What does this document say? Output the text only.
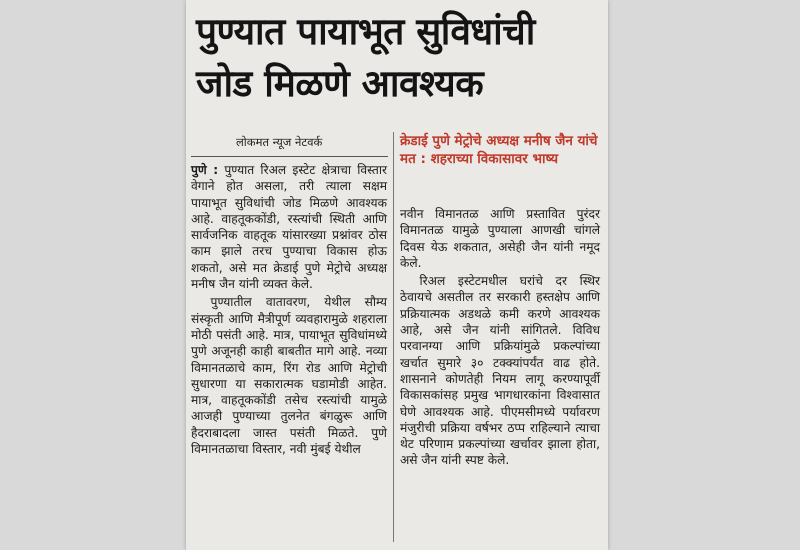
पुण्यात पायाभूत सुविधांची
जोड मिळणे आवश्यक
लोकमत न्यूज नेटवर्क

पुणे : पुण्यात रिअल इस्टेट क्षेत्राचा विस्तार वेगाने होत असला, तरी त्याला सक्षम पायाभूत सुविधांची जोड मिळणे आवश्यक आहे. वाहतूककोंडी, रस्त्यांची स्थिती आणि सार्वजनिक वाहतूक यांसारख्या प्रश्नांवर ठोस काम झाले तरच पुण्याचा विकास होऊ शकतो, असे मत क्रेडाई पुणे मेट्रोचे अध्यक्ष मनीष जैन यांनी व्यक्त केले.

पुण्यातील वातावरण, येथील सौम्य संस्कृती आणि मैत्रीपूर्ण व्यवहारामुळे शहराला मोठी पसंती आहे. मात्र, पायाभूत सुविधांमध्ये पुणे अजूनही काही बाबतीत मागे आहे. नव्या विमानतळाचे काम, रिंग रोड आणि मेट्रोची सुधारणा या सकारात्मक घडामोडी आहेत. मात्र, वाहतूककोंडी तसेच रस्त्यांची यामुळे आजही पुण्याच्या तुलनेत बंगळुरू आणि हैदराबादला जास्त पसंती मिळते. पुणे विमानतळाचा विस्तार, नवी मुंबई येथील

क्रेडाई पुणे मेट्रोचे अध्यक्ष मनीष जैन यांचे मत : शहराच्या विकासावर भाष्य

नवीन विमानतळ आणि प्रस्तावित पुरंदर विमानतळ यामुळे पुण्याला आणखी चांगले दिवस येऊ शकतात, असेही जैन यांनी नमूद केले.

रिअल इस्टेटमधील घरांचे दर स्थिर ठेवायचे असतील तर सरकारी हस्तक्षेप आणि प्रक्रियात्मक अडथळे कमी करणे आवश्यक आहे, असे जैन यांनी सांगितले. विविध परवानग्या आणि प्रक्रियांमुळे प्रकल्पांच्या खर्चात सुमारे ३० टक्क्यांपर्यंत वाढ होते. शासनाने कोणतेही नियम लागू करण्यापूर्वी विकासकांसह प्रमुख भागधारकांना विश्वासात घेणे आवश्यक आहे. पीएमसीमध्ये पर्यावरण मंजुरीची प्रक्रिया वर्षभर ठप्प राहिल्याने त्याचा थेट परिणाम प्रकल्पांच्या खर्चावर झाला होता, असे जैन यांनी स्पष्ट केले.
